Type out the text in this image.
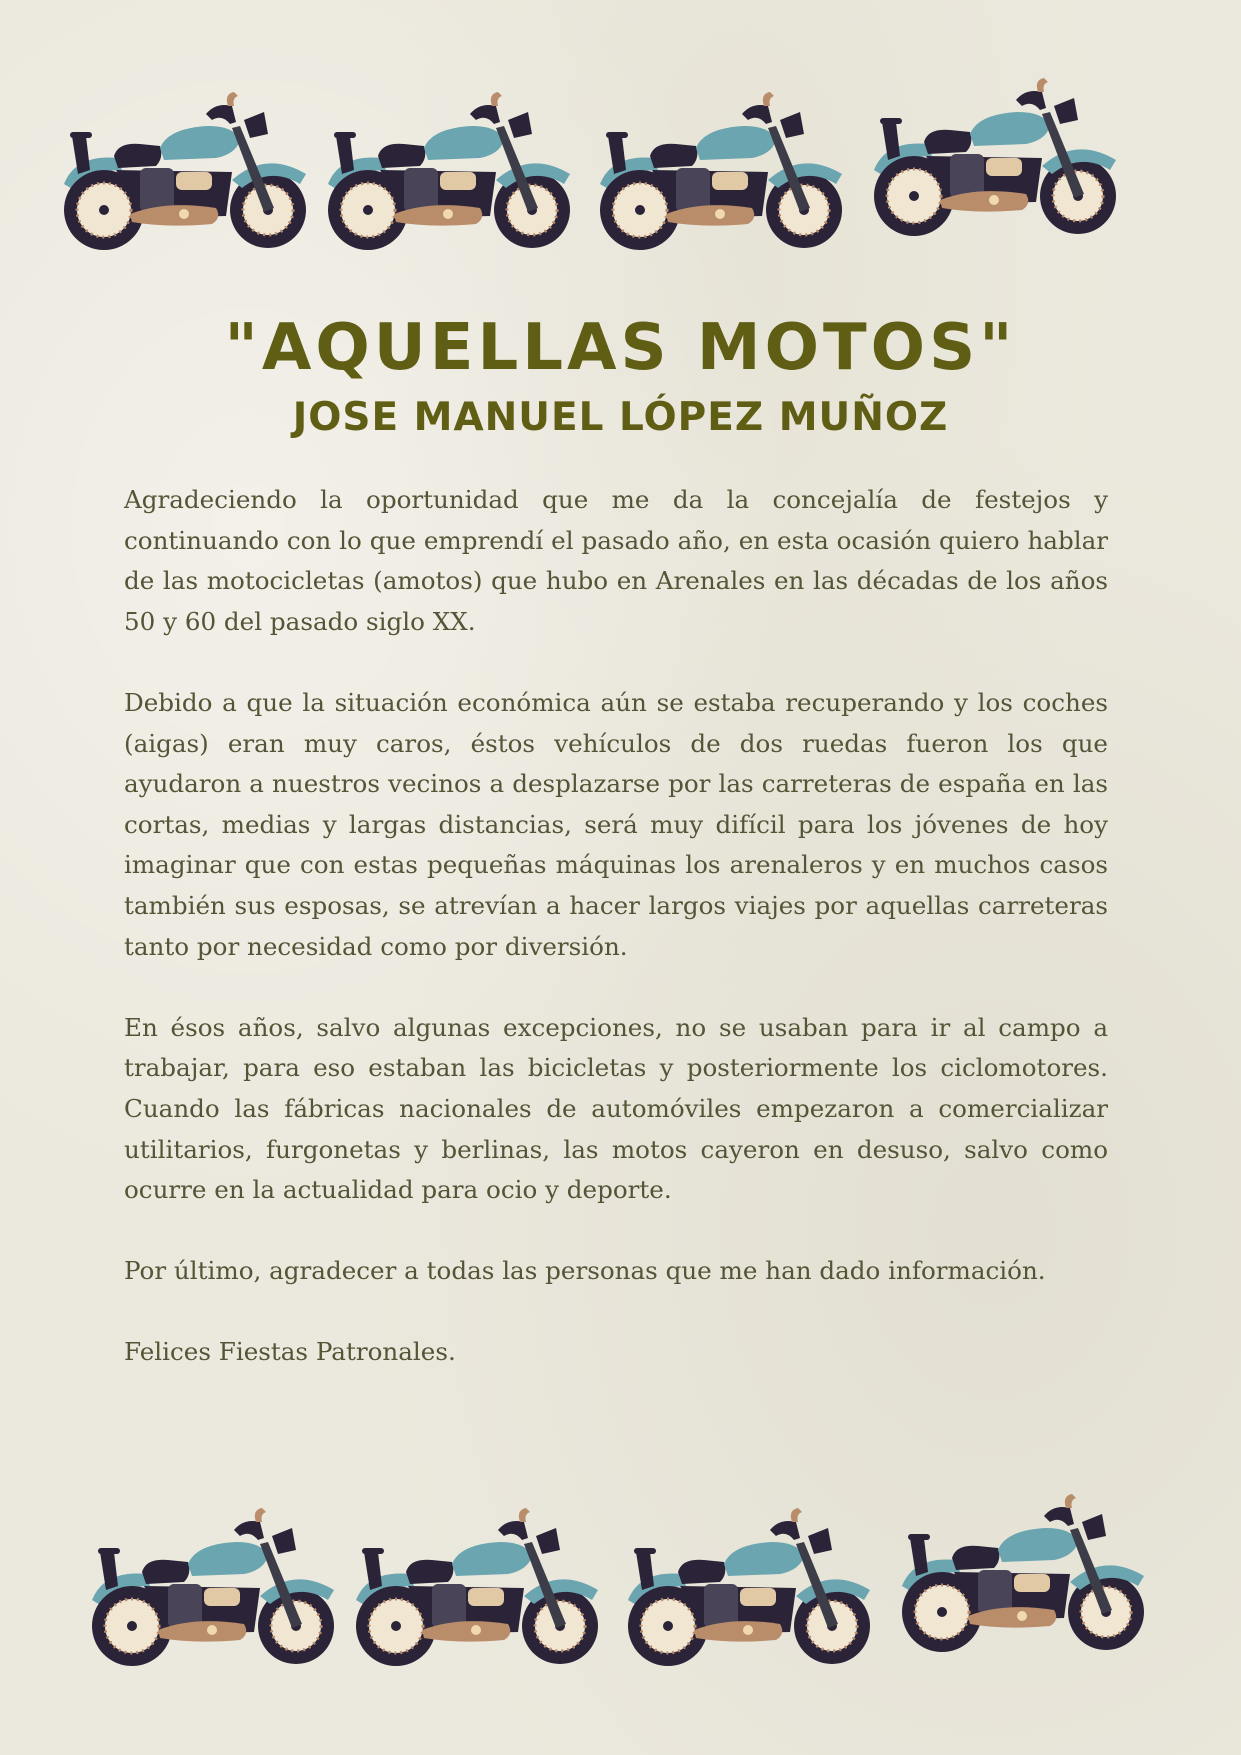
"AQUELLAS MOTOS"
JOSE MANUEL LÓPEZ MUÑOZ

Agradeciendo la oportunidad que me da la concejalía de festejos y continuando con lo que emprendí el pasado año, en esta ocasión quiero hablar de las motocicletas (amotos) que hubo en Arenales en las décadas de los años 50 y 60 del pasado siglo XX.

Debido a que la situación económica aún se estaba recuperando y los coches (aigas) eran muy caros, éstos vehículos de dos ruedas fueron los que ayudaron a nuestros vecinos a desplazarse por las carreteras de españa en las cortas, medias y largas distancias, será muy difícil para los jóvenes de hoy imaginar que con estas pequeñas máquinas los arenaleros y en muchos casos también sus esposas, se atrevían a hacer largos viajes por aquellas carreteras tanto por necesidad como por diversión.

En ésos años, salvo algunas excepciones, no se usaban para ir al campo a trabajar, para eso estaban las bicicletas y posteriormente los ciclomotores. Cuando las fábricas nacionales de automóviles empezaron a comercializar utilitarios, furgonetas y berlinas, las motos cayeron en desuso, salvo como ocurre en la actualidad para ocio y deporte.

Por último, agradecer a todas las personas que me han dado información.

Felices Fiestas Patronales.
